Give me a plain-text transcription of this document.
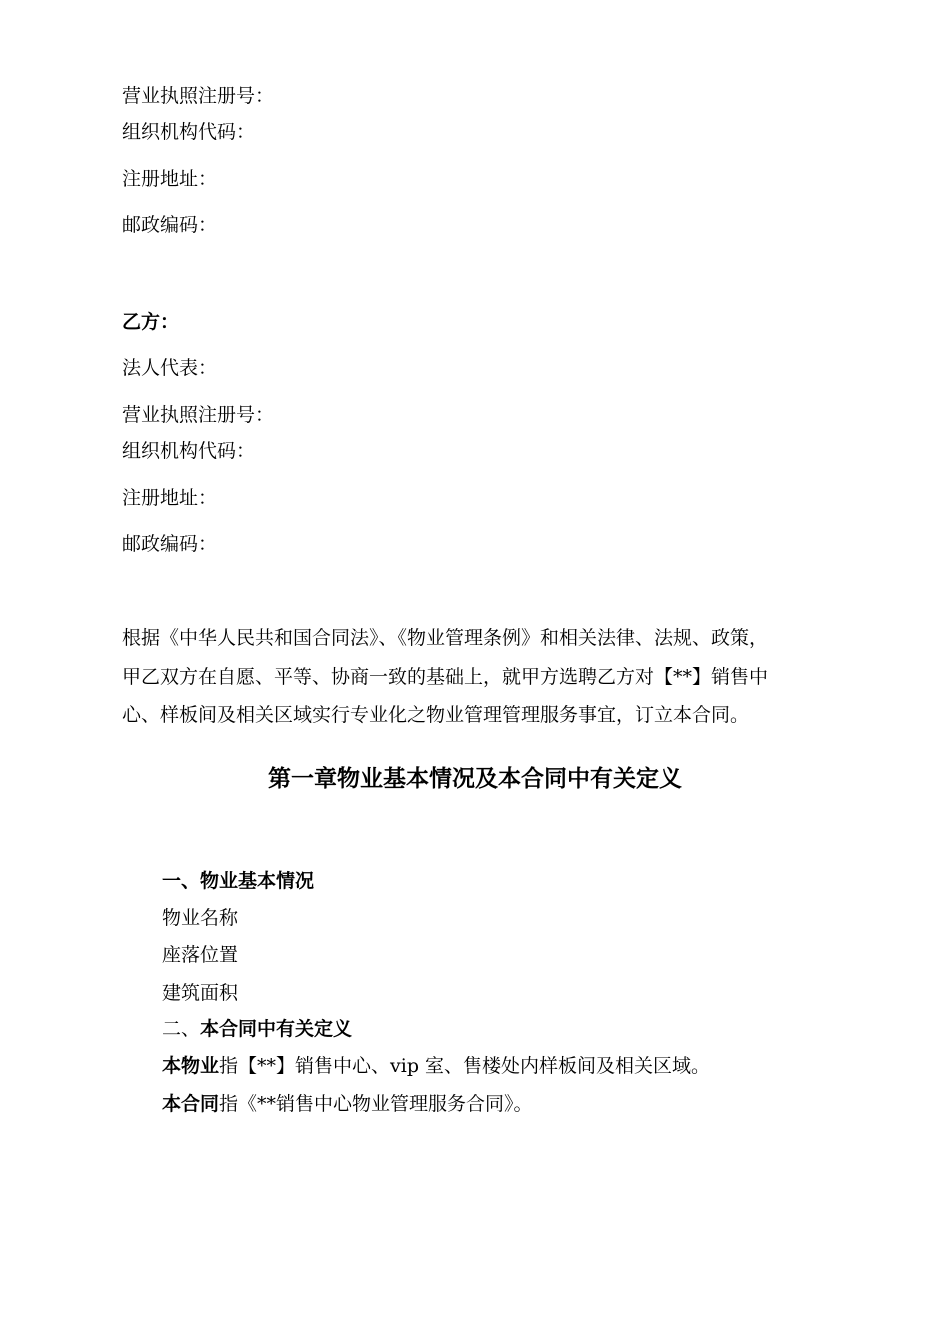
营业执照注册号：
组织机构代码：
注册地址：
邮政编码：
乙方：
法人代表：
营业执照注册号：
组织机构代码：
注册地址：
邮政编码：
根据《中华人民共和国合同法》、《物业管理条例》和相关法律、法规、政策，
甲乙双方在自愿、平等、协商一致的基础上，就甲方选聘乙方对【**】销售中
心、样板间及相关区域实行专业化之物业管理管理服务事宜，订立本合同。
第一章物业基本情况及本合同中有关定义
一、物业基本情况
物业名称
座落位置
建筑面积
二、本合同中有关定义
本物业指【**】销售中心、vip 室、售楼处内样板间及相关区域。
本合同指《**销售中心物业管理服务合同》。
